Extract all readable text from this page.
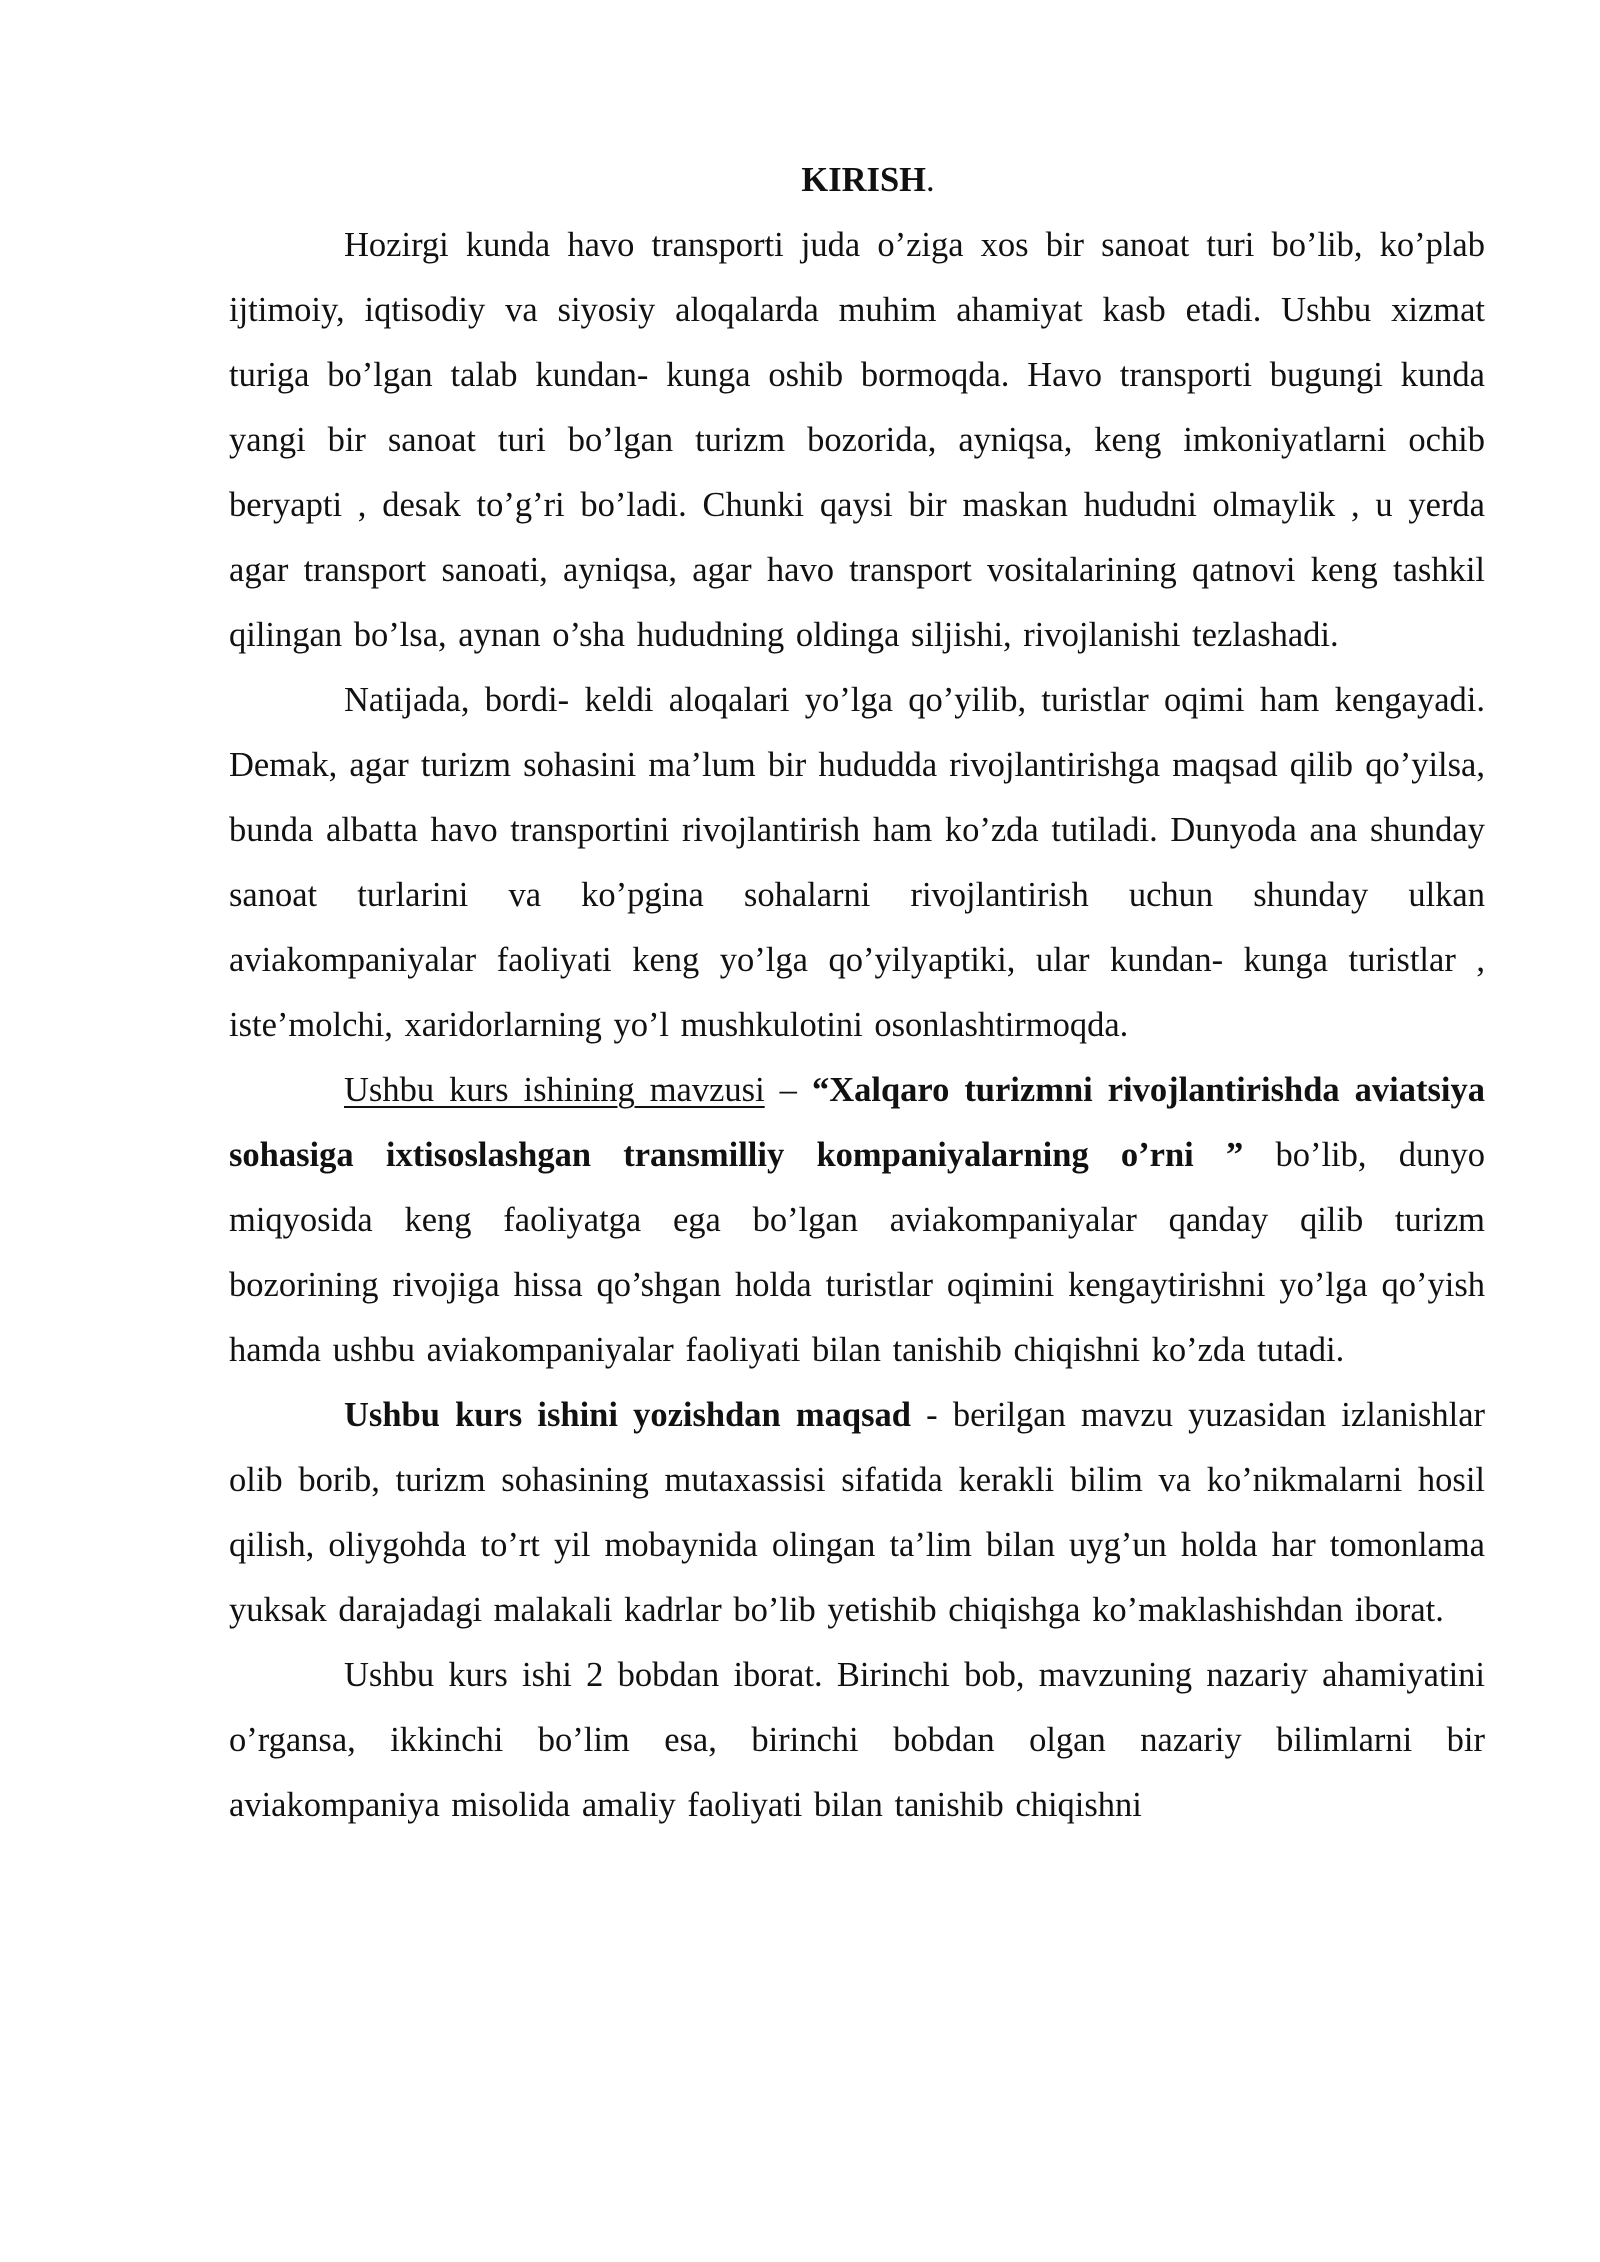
KIRISH.

Hozirgi kunda havo transporti juda o’ziga xos bir sanoat turi bo’lib, ko’plab ijtimoiy, iqtisodiy va siyosiy aloqalarda muhim ahamiyat kasb etadi. Ushbu xizmat turiga bo’lgan talab kundan- kunga oshib bormoqda. Havo transporti bugungi kunda yangi bir sanoat turi bo’lgan turizm bozorida, ayniqsa, keng imkoniyatlarni ochib beryapti , desak to’g’ri bo’ladi. Chunki qaysi bir maskan hududni olmaylik , u yerda agar transport sanoati, ayniqsa, agar havo transport vositalarining qatnovi keng tashkil qilingan bo’lsa, aynan o’sha hududning oldinga siljishi, rivojlanishi tezlashadi.

Natijada, bordi- keldi aloqalari yo’lga qo’yilib, turistlar oqimi ham kengayadi. Demak, agar turizm sohasini ma’lum bir hududda rivojlantirishga maqsad qilib qo’yilsa, bunda albatta havo transportini rivojlantirish ham ko’zda tutiladi. Dunyoda ana shunday sanoat turlarini va ko’pgina sohalarni rivojlantirish uchun shunday ulkan aviakompaniyalar faoliyati keng yo’lga qo’yilyaptiki, ular kundan- kunga turistlar , iste’molchi, xaridorlarning yo’l mushkulotini osonlashtirmoqda.

Ushbu kurs ishining mavzusi – “Xalqaro turizmni rivojlantirishda aviatsiya sohasiga ixtisoslashgan transmilliy kompaniyalarning o’rni ” bo’lib, dunyo miqyosida keng faoliyatga ega bo’lgan aviakompaniyalar qanday qilib turizm bozorining rivojiga hissa qo’shgan holda turistlar oqimini kengaytirishni yo’lga qo’yish hamda ushbu aviakompaniyalar faoliyati bilan tanishib chiqishni ko’zda tutadi.

Ushbu kurs ishini yozishdan maqsad - berilgan mavzu yuzasidan izlanishlar olib borib, turizm sohasining mutaxassisi sifatida kerakli bilim va ko’nikmalarni hosil qilish, oliygohda to’rt yil mobaynida olingan ta’lim bilan uyg’un holda har tomonlama yuksak darajadagi malakali kadrlar bo’lib yetishib chiqishga ko’maklashishdan iborat.

Ushbu kurs ishi 2 bobdan iborat. Birinchi bob, mavzuning nazariy ahamiyatini o’rgansa, ikkinchi bo’lim esa, birinchi bobdan olgan nazariy bilimlarni bir aviakompaniya misolida amaliy faoliyati bilan tanishib chiqishni
